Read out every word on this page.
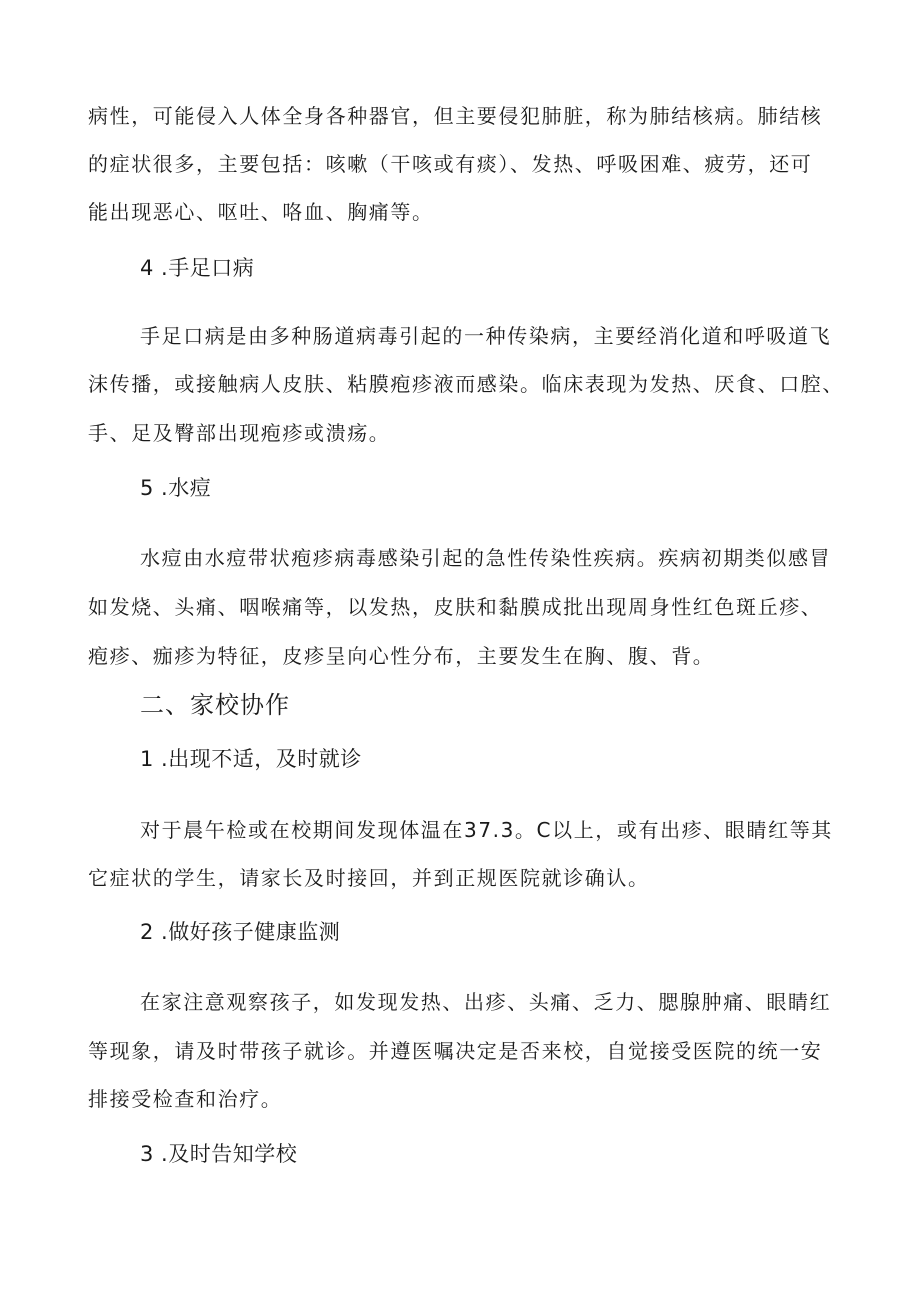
病性，可能侵入人体全身各种器官，但主要侵犯肺脏，称为肺结核病。肺结核
的症状很多，主要包括：咳嗽（干咳或有痰）、发热、呼吸困难、疲劳，还可
能出现恶心、呕吐、咯血、胸痛等。
4 .手足口病
手足口病是由多种肠道病毒引起的一种传染病，主要经消化道和呼吸道飞
沫传播，或接触病人皮肤、粘膜疱疹液而感染。临床表现为发热、厌食、口腔、
手、足及臀部出现疱疹或溃疡。
5 .水痘
水痘由水痘带状疱疹病毒感染引起的急性传染性疾病。疾病初期类似感冒
如发烧、头痛、咽喉痛等，以发热，皮肤和黏膜成批出现周身性红色斑丘疹、
疱疹、痂疹为特征，皮疹呈向心性分布，主要发生在胸、腹、背。
二、家校协作
1 .出现不适，及时就诊
对于晨午检或在校期间发现体温在37.3。C以上，或有出疹、眼睛红等其
它症状的学生，请家长及时接回，并到正规医院就诊确认。
2 .做好孩子健康监测
在家注意观察孩子，如发现发热、出疹、头痛、乏力、腮腺肿痛、眼睛红
等现象，请及时带孩子就诊。并遵医嘱决定是否来校，自觉接受医院的统一安
排接受检查和治疗。
3 .及时告知学校
